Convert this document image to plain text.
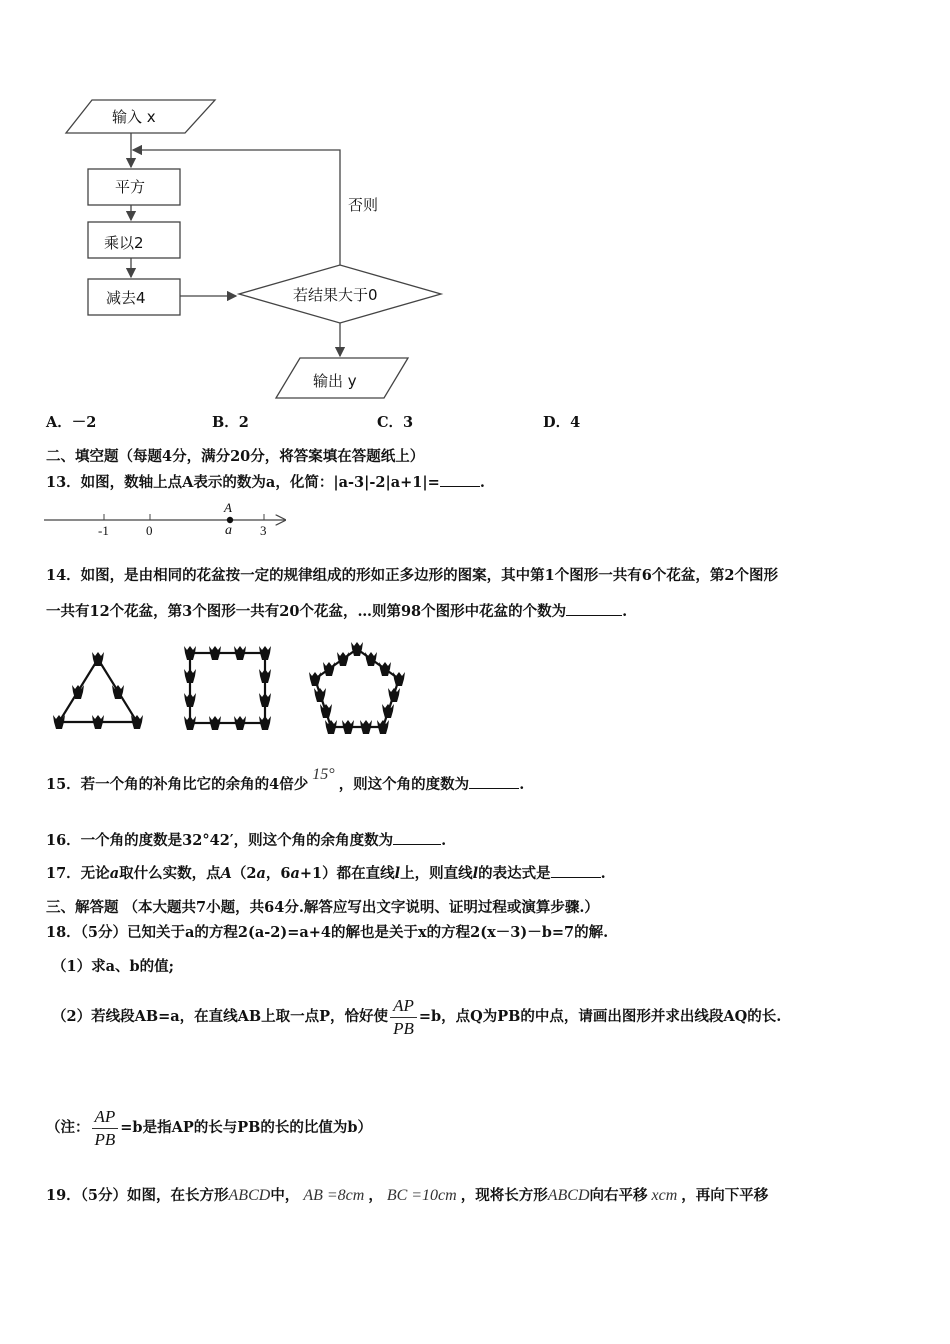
输入 x
平方
乘以2
减去4	若结果大于0
否则
输出 y
A．－2	B．2	C．3	D．4
二、填空题（每题4分，满分20分，将答案填在答题纸上）
13．如图，数轴上点A表示的数为a，化简：|a-3|-2|a+1|=	.
-1	0	3
A
a
14．如图，是由相同的花盆按一定的规律组成的形如正多边形的图案，其中第1个图形一共有6个花盆，第2个图形
一共有12个花盆，第3个图形一共有20个花盆，…则第98个图形中花盆的个数为	.
15．若一个角的补角比它的余角的4倍少15°，则这个角的度数为	.
16．一个角的度数是32°42′，则这个角的余角度数为	.
17．无论a取什么实数，点A（2a，6a+1）都在直线l上，则直线l的表达式是	.
三、解答题 （本大题共7小题，共64分.解答应写出文字说明、证明过程或演算步骤.）
18．（5分）已知关于a的方程2(a-2)=a+4的解也是关于x的方程2(x－3)－b=7的解.
（1）求a、b的值;
（2）若线段AB=a，在直线AB上取一点P，恰好使 $\frac{AP}{PB} =b$，点Q为PB的中点，请画出图形并求出线段AQ的长.
（注： $\frac{AP}{PB} =b$是指AP的长与PB的长的比值为b）
19．（5分）如图，在长方形ABCD中， AB =8cm ， BC =10cm ，现将长方形ABCD向右平移 xcm ，再向下平移
